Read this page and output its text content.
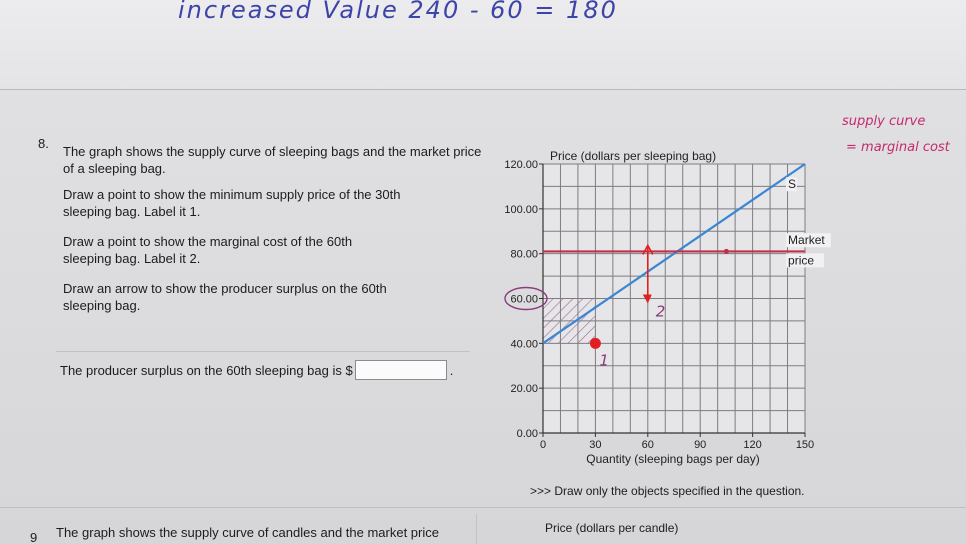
increased Value 240 - 60 = 180
supply curve
= marginal cost
8.
The graph shows the supply curve of sleeping bags and the market price of a sleeping bag.
Draw a point to show the minimum supply price of the 30th sleeping bag. Label it 1.
Draw a point to show the marginal cost of the 60th sleeping bag. Label it 2.
Draw an arrow to show the producer surplus on the 60th sleeping bag.
The producer surplus on the 60th sleeping bag is $	.
>>> Draw only the objects specified in the question.
9 The graph shows the supply curve of candles and the market price	Price (dollars per candle)
0.00
20.00
40.00
60.00
80.00
100.00
120.00
0	30	60	90	120	150
Price (dollars per sleeping bag)
Quantity (sleeping bags per day)
S
Market
price
1
2
